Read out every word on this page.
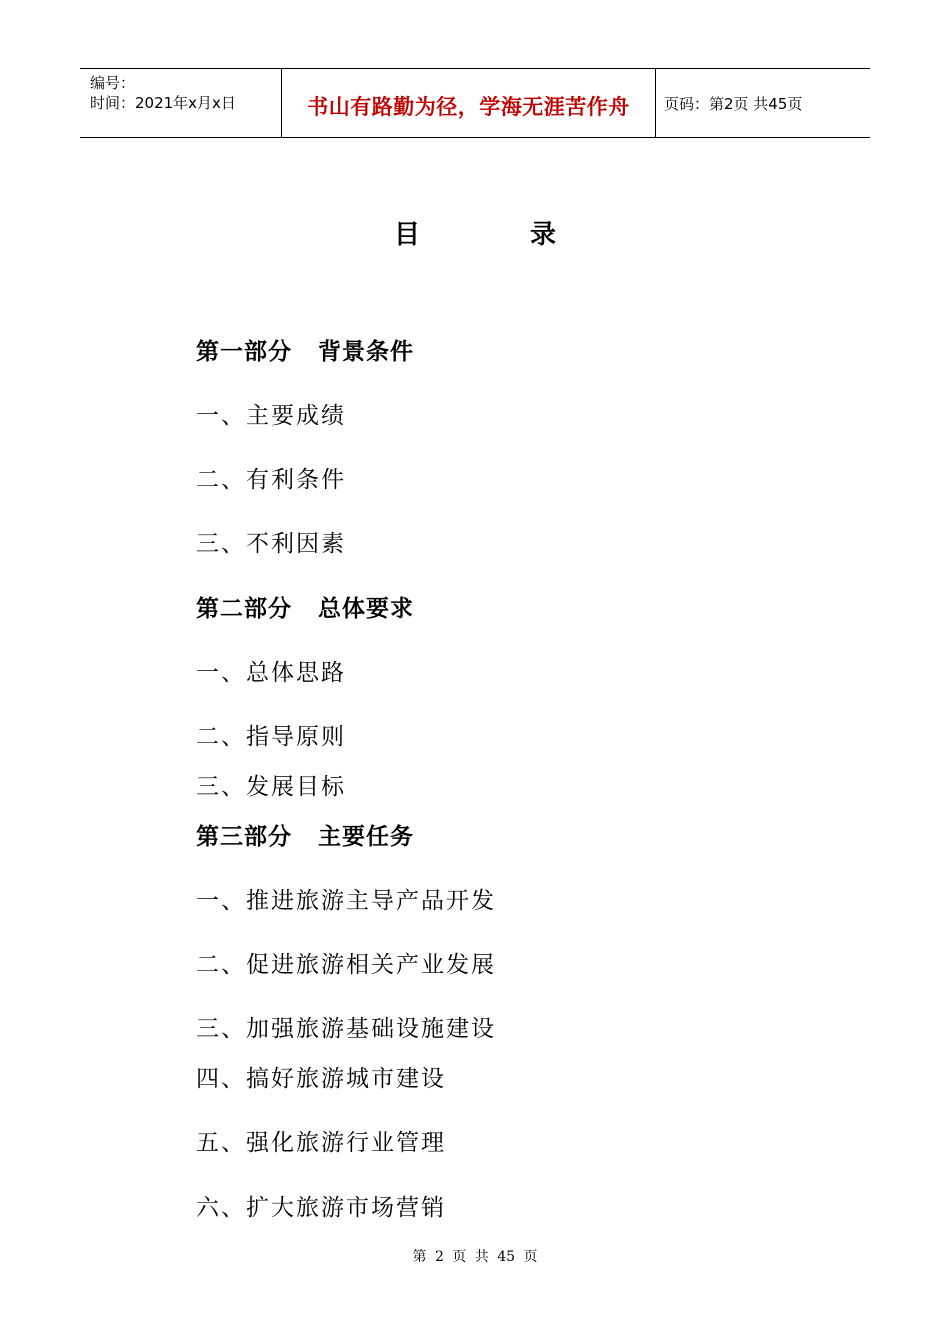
编号：
时间：2021年x月x日	书山有路勤为径，学海无涯苦作舟	页码：第2页 共45页
目	录
第一部分 背景条件
一、主要成绩
二、有利条件
三、不利因素
第二部分 总体要求
一、总体思路
二、指导原则
三、发展目标
第三部分 主要任务
一、推进旅游主导产品开发
二、促进旅游相关产业发展
三、加强旅游基础设施建设
四、搞好旅游城市建设
五、强化旅游行业管理
六、扩大旅游市场营销
第 2 页 共 45 页
